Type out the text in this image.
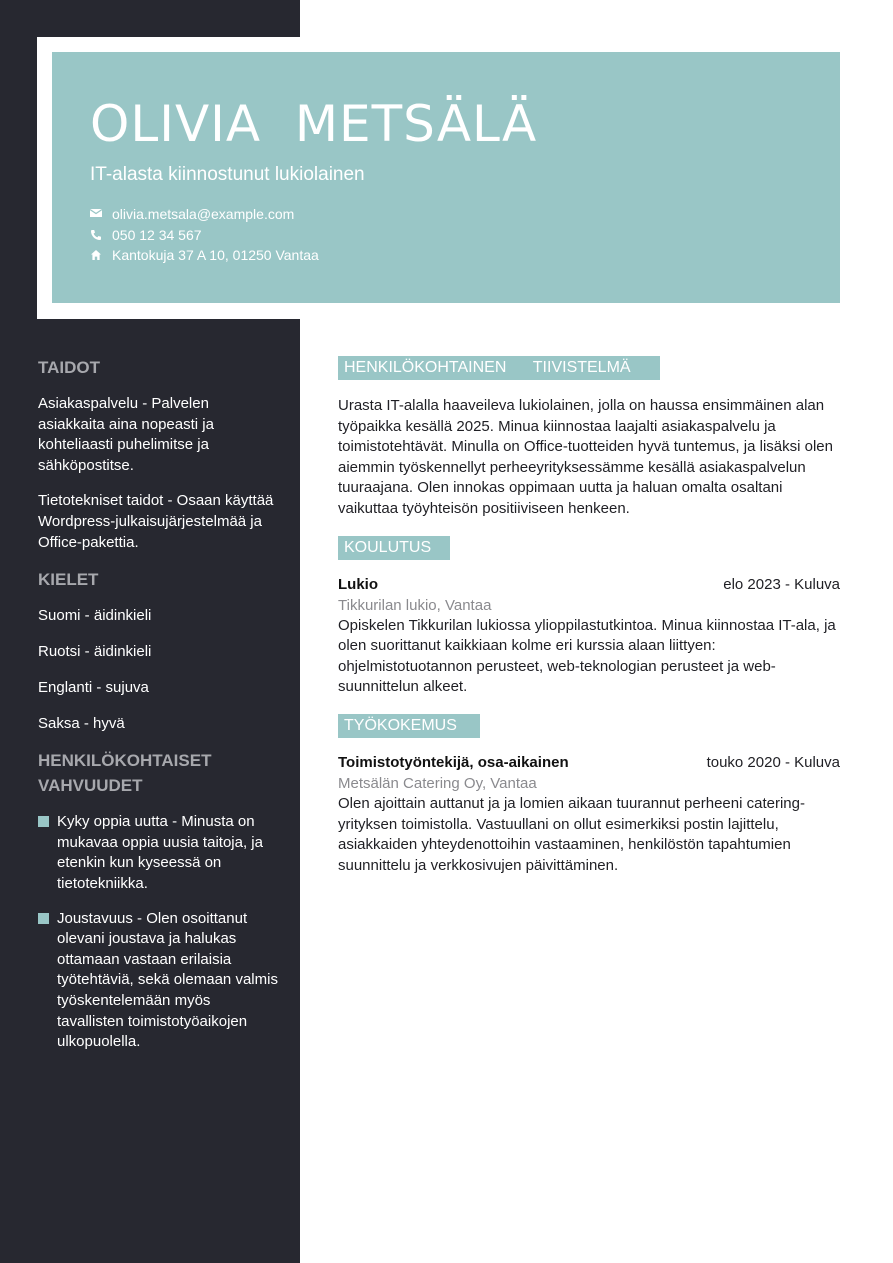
OLIVIA  METSÄLÄ
IT-alasta kiinnostunut lukiolainen
olivia.metsala@example.com
050 12 34 567
Kantokuja 37 A 10, 01250 Vantaa
TAIDOT

Asiakaspalvelu - Palvelen asiakkaita aina nopeasti ja kohteliaasti puhelimitse ja sähköpostitse.

Tietotekniset taidot - Osaan käyttää Wordpress-julkaisujärjestelmää ja Office-pakettia.

KIELET
Suomi - äidinkieli
Ruotsi - äidinkieli
Englanti - sujuva
Saksa - hyvä
HENKILÖKOHTAISET VAHVUUDET
Kyky oppia uutta - Minusta on mukavaa oppia uusia taitoja, ja etenkin kun kyseessä on tietotekniikka.
Joustavuus - Olen osoittanut olevani joustava ja halukas ottamaan vastaan erilaisia työtehtäviä, sekä olemaan valmis työskentelemään myös tavallisten toimistotyöaikojen ulkopuolella.
HENKILÖKOHTAINEN      TIIVISTELMÄ

Urasta IT-alalla haaveileva lukiolainen, jolla on haussa ensimmäinen alan työpaikka kesällä 2025. Minua kiinnostaa laajalti asiakaspalvelu ja toimistotehtävät. Minulla on Office-tuotteiden hyvä tuntemus, ja lisäksi olen aiemmin työskennellyt perheeyrityksessämme kesällä asiakaspalvelun tuuraajana. Olen innokas oppimaan uutta ja haluan omalta osaltani vaikuttaa työyhteisön positiiviseen henkeen.

KOULUTUS
Lukio	elo 2023 - Kuluva
Tikkurilan lukio, Vantaa

Opiskelen Tikkurilan lukiossa ylioppilastutkintoa. Minua kiinnostaa IT-ala, ja olen suorittanut kaikkiaan kolme eri kurssia alaan liittyen: ohjelmistotuotannon perusteet, web-teknologian perusteet ja web-suunnittelun alkeet.

TYÖKOKEMUS
Toimistotyöntekijä, osa-aikainen	touko 2020 - Kuluva
Metsälän Catering Oy, Vantaa

Olen ajoittain auttanut ja ja lomien aikaan tuurannut perheeni catering-yrityksen toimistolla. Vastuullani on ollut esimerkiksi postin lajittelu, asiakkaiden yhteydenottoihin vastaaminen, henkilöstön tapahtumien suunnittelu ja verkkosivujen päivittäminen.
